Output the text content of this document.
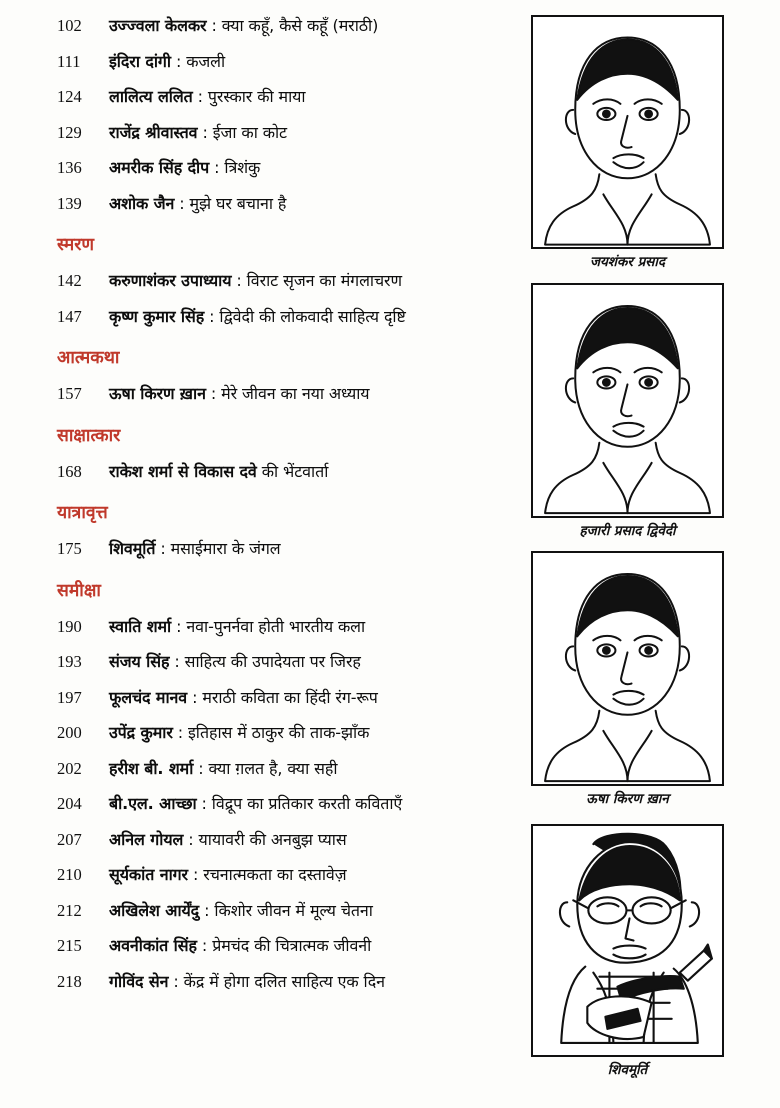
102	उज्ज्वला केलकर : क्या कहूँ, कैसे कहूँ (मराठी)
111	इंदिरा दांगी : कजली
124	लालित्य ललित : पुरस्कार की माया
129	राजेंद्र श्रीवास्तव : ईजा का कोट
136	अमरीक सिंह दीप : त्रिशंकु
139	अशोक जैन : मुझे घर बचाना है
स्मरण
142	करुणाशंकर उपाध्याय : विराट सृजन का मंगलाचरण
147	कृष्ण कुमार सिंह : द्विवेदी की लोकवादी साहित्य दृष्टि
आत्मकथा
157	ऊषा किरण ख़ान : मेरे जीवन का नया अध्याय
साक्षात्कार
168	राकेश शर्मा से विकास दवे की भेंटवार्ता
यात्रावृत्त
175	शिवमूर्ति : मसाईमारा के जंगल
समीक्षा
190	स्वाति शर्मा : नवा-पुनर्नवा होती भारतीय कला
193	संजय सिंह : साहित्य की उपादेयता पर जिरह
197	फूलचंद मानव : मराठी कविता का हिंदी रंग-रूप
200	उपेंद्र कुमार : इतिहास में ठाकुर की ताक-झाँक
202	हरीश बी. शर्मा : क्या ग़लत है, क्या सही
204	बी.एल. आच्छा : विद्रूप का प्रतिकार करती कविताएँ
207	अनिल गोयल : यायावरी की अनबुझ प्यास
210	सूर्यकांत नागर : रचनात्मकता का दस्तावेज़
212	अखिलेश आर्येंदु : किशोर जीवन में मूल्य चेतना
215	अवनीकांत सिंह : प्रेमचंद की चित्रात्मक जीवनी
218	गोविंद सेन : केंद्र में होगा दलित साहित्य एक दिन
जयशंकर प्रसाद
हजारी प्रसाद द्विवेदी
ऊषा किरण ख़ान
शिवमूर्ति
